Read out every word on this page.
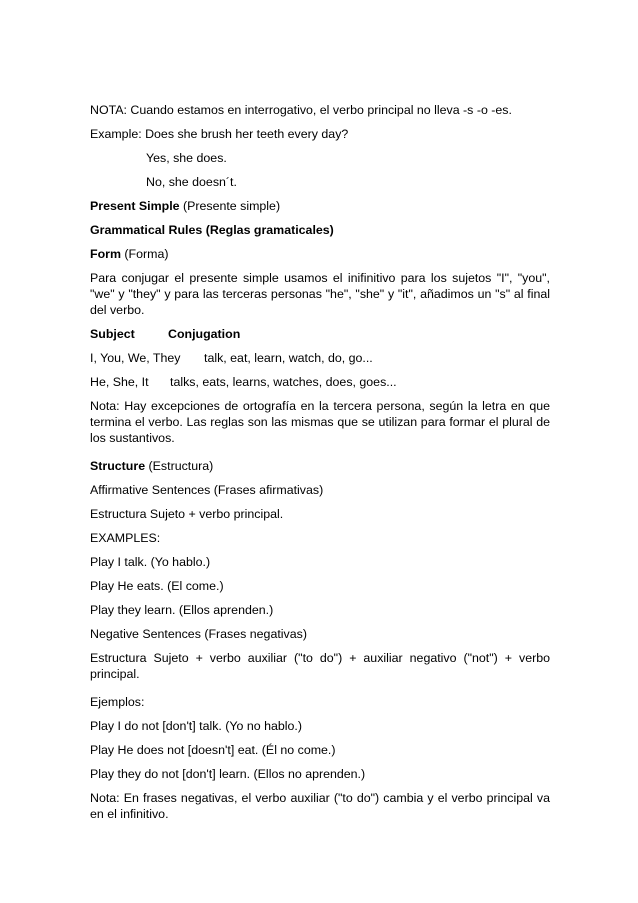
NOTA: Cuando estamos en interrogativo, el verbo principal no lleva -s -o -es.
Example: Does she brush her teeth every day?
Yes, she does.
No, she doesn´t.
Present Simple (Presente simple)
Grammatical Rules (Reglas gramaticales)
Form (Forma)
Para conjugar el presente simple usamos el inifinitivo para los sujetos "I", "you", "we" y "they" y para las terceras personas "he", "she" y "it", añadimos un "s" al final del verbo.
Subject	Conjugation
I, You, We, They talk, eat, learn, watch, do, go...
He, She, It talks, eats, learns, watches, does, goes...
Nota: Hay excepciones de ortografía en la tercera persona, según la letra en que termina el verbo. Las reglas son las mismas que se utilizan para formar el plural de los sustantivos.
Structure (Estructura)
Affirmative Sentences (Frases afirmativas)
Estructura Sujeto + verbo principal.
EXAMPLES:
Play I talk. (Yo hablo.)
Play He eats. (El come.)
Play they learn. (Ellos aprenden.)
Negative Sentences (Frases negativas)
Estructura Sujeto + verbo auxiliar ("to do") + auxiliar negativo ("not") + verbo principal.
Ejemplos:
Play I do not [don't] talk. (Yo no hablo.)
Play He does not [doesn't] eat. (Él no come.)
Play they do not [don't] learn. (Ellos no aprenden.)
Nota: En frases negativas, el verbo auxiliar ("to do") cambia y el verbo principal va en el infinitivo.
